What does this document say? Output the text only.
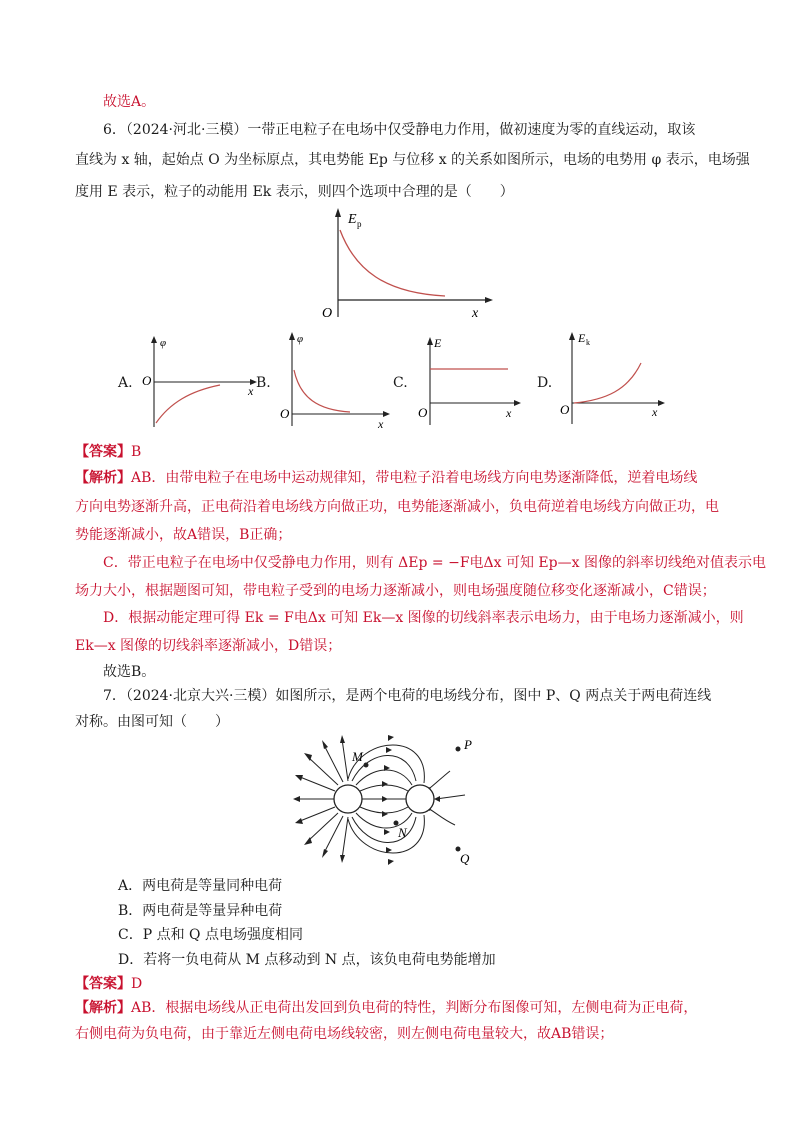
故选A。
6．（2024·河北·三模）一带正电粒子在电场中仅受静电力作用，做初速度为零的直线运动，取该
直线为 x 轴，起始点 O 为坐标原点，其电势能 Ep 与位移 x 的关系如图所示，电场的电势用 φ 表示，电场强
度用 E 表示，粒子的动能用 Ek 表示，则四个选项中合理的是（　　）
E p
x
O
A.
φ
O
x B.
φ
O
x
C.
E
O	x
D.
E k
O	x
【答案】B
【解析】AB．由带电粒子在电场中运动规律知，带电粒子沿着电场线方向电势逐渐降低，逆着电场线
方向电势逐渐升高，正电荷沿着电场线方向做正功，电势能逐渐减小，负电荷逆着电场线方向做正功，电
势能逐渐减小，故A错误，B正确；
C．带正电粒子在电场中仅受静电力作用，则有 ΔEp = −F电Δx 可知 Ep—x 图像的斜率切线绝对值表示电
场力大小，根据题图可知，带电粒子受到的电场力逐渐减小，则电场强度随位移变化逐渐减小，C错误；
D．根据动能定理可得 Ek = F电Δx 可知 Ek—x 图像的切线斜率表示电场力，由于电场力逐渐减小，则
Ek—x 图像的切线斜率逐渐减小，D错误；
故选B。
7．（2024·北京大兴·三模）如图所示，是两个电荷的电场线分布，图中 P、Q 两点关于两电荷连线
对称。由图可知（　　）
M
P
N
Q
A．两电荷是等量同种电荷
B．两电荷是等量异种电荷
C．P 点和 Q 点电场强度相同
D．若将一负电荷从 M 点移动到 N 点，该负电荷电势能增加
【答案】D
【解析】AB．根据电场线从正电荷出发回到负电荷的特性，判断分布图像可知，左侧电荷为正电荷，
右侧电荷为负电荷，由于靠近左侧电荷电场线较密，则左侧电荷电量较大，故AB错误；
